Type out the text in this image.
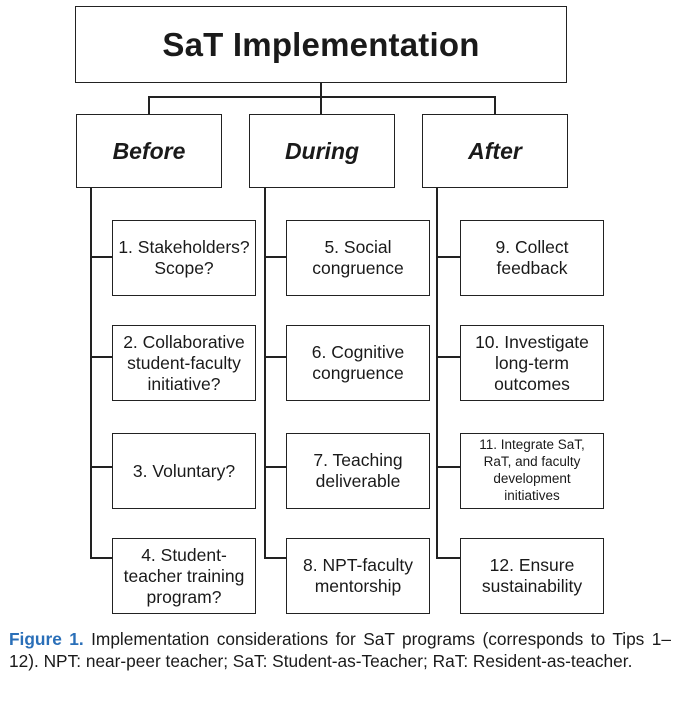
SaT Implementation
Before	During	After
1. Stakeholders? Scope?
2. Collaborative student-faculty initiative?
3. Voluntary?
4. Student-teacher training program?
5. Social congruence
6. Cognitive congruence
7. Teaching deliverable
8. NPT-faculty mentorship
9. Collect feedback
10. Investigate long-term outcomes
11. Integrate SaT, RaT, and faculty development initiatives
12. Ensure sustainability
Figure 1. Implementation considerations for SaT programs (corresponds to Tips 1–12). NPT: near-peer teacher; SaT: Student-as-Teacher; RaT: Resident-as-teacher.
